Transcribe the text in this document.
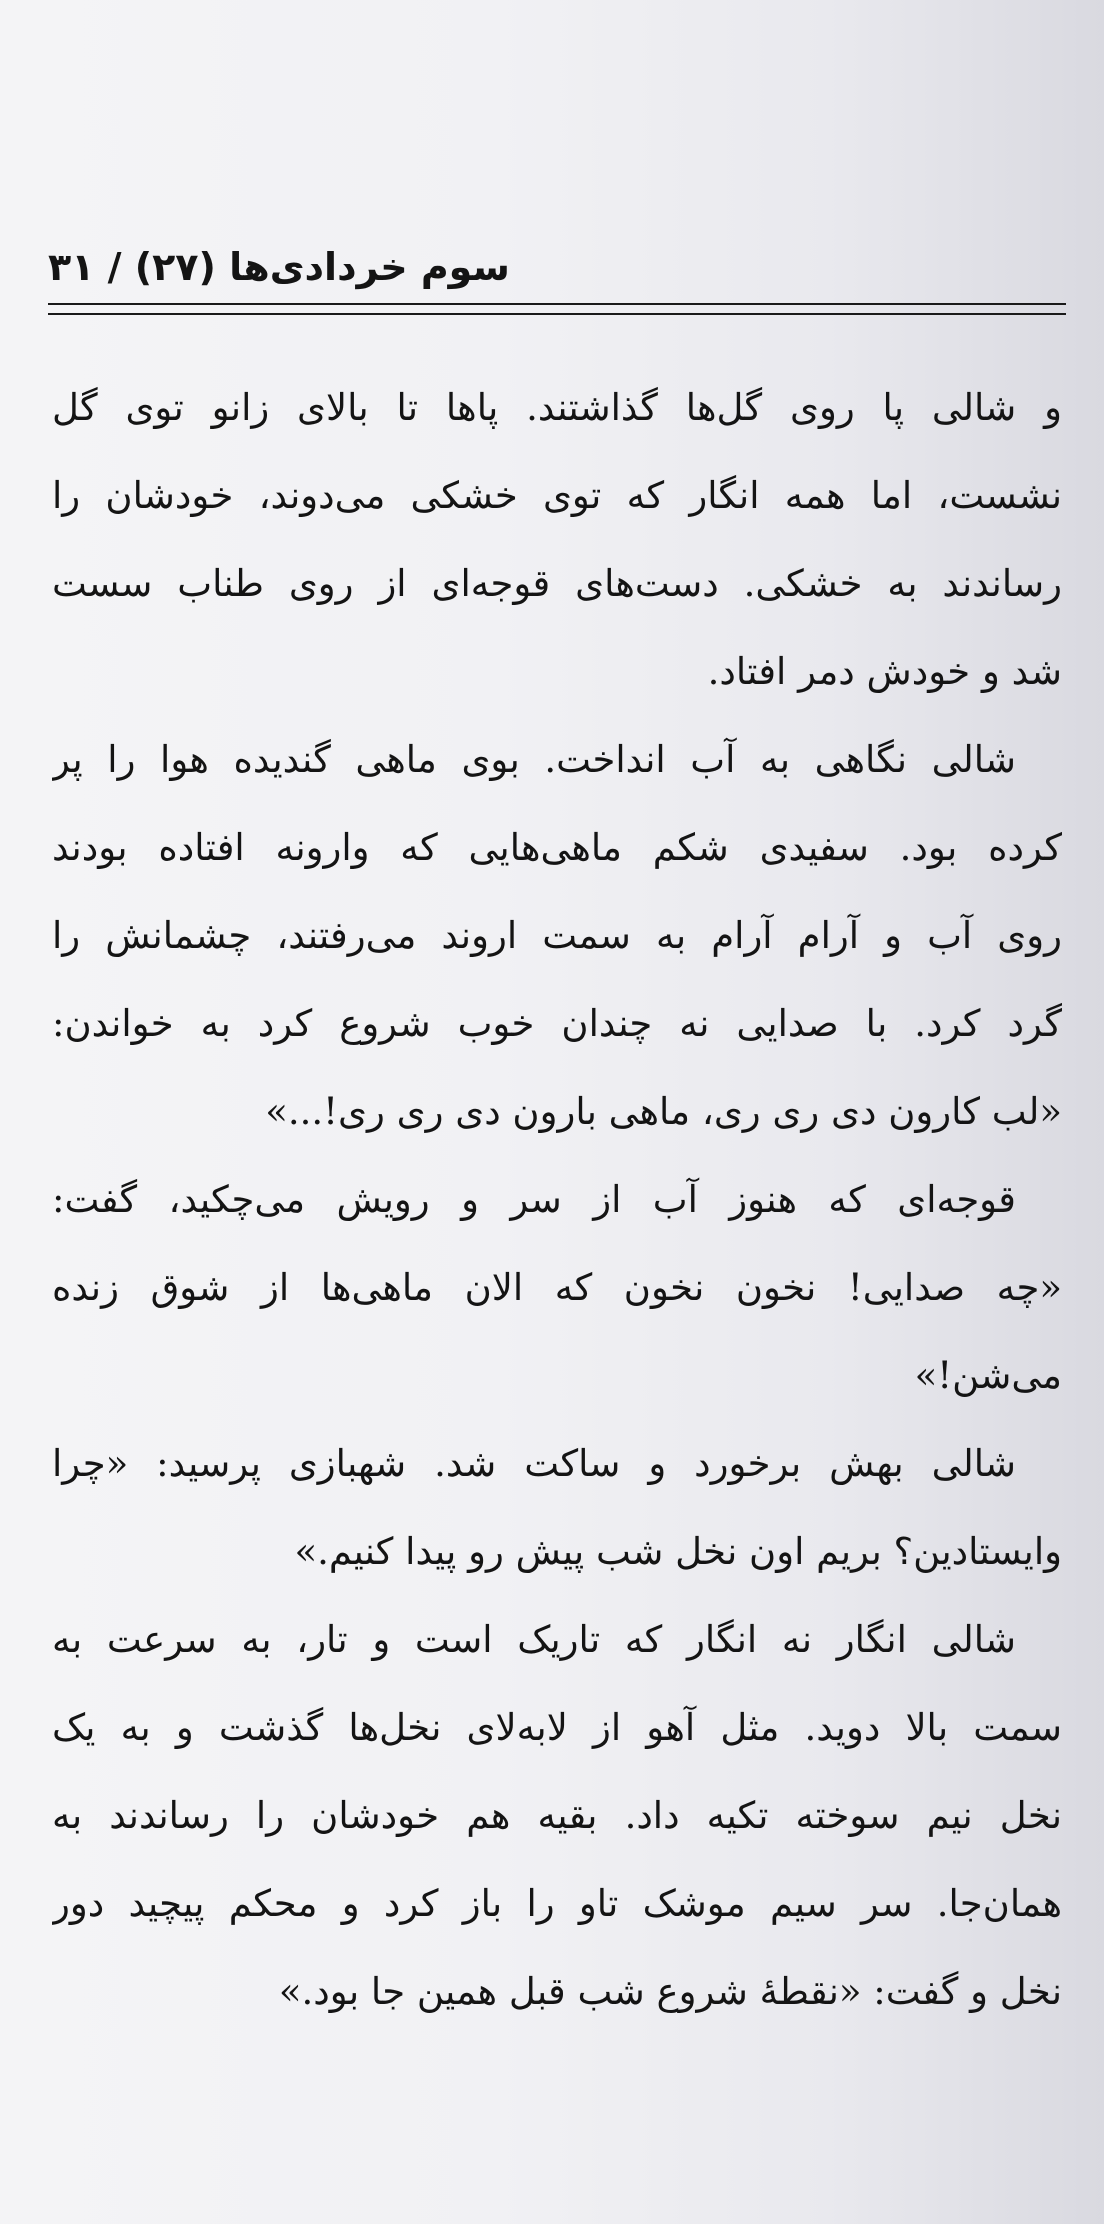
سوم خردادی‌ها (۲۷) / ۳۱
و شالی پا روی گل‌ها گذاشتند. پاها تا بالای زانو توی گل
نشست، اما همه انگار که توی خشکی می‌دوند، خودشان را
رساندند به خشکی. دست‌های قوجه‌ای از روی طناب سست
شد و خودش دمر افتاد.
شالی نگاهی به آب انداخت. بوی ماهی گندیده هوا را پر
کرده بود. سفیدی شکم ماهی‌هایی که وارونه افتاده بودند
روی آب و آرام آرام به سمت اروند می‌رفتند، چشمانش را
گرد کرد. با صدایی نه چندان خوب شروع کرد به خواندن:
«لب کارون دی ری ری، ماهی بارون دی ری ری!...»
قوجه‌ای که هنوز آب از سر و رویش می‌چکید، گفت:
«چه صدایی! نخون نخون که الان ماهی‌ها از شوق زنده
می‌شن!»
شالی بهش برخورد و ساکت شد. شهبازی پرسید: «چرا
وایستادین؟ بریم اون نخل شب پیش رو پیدا کنیم.»
شالی انگار نه انگار که تاریک است و تار، به سرعت به
سمت بالا دوید. مثل آهو از لابه‌لای نخل‌ها گذشت و به یک
نخل نیم سوخته تکیه داد. بقیه هم خودشان را رساندند به
همان‌جا. سر سیم موشک تاو را باز کرد و محکم پیچید دور
نخل و گفت: «نقطهٔ شروع شب قبل همین جا بود.»
